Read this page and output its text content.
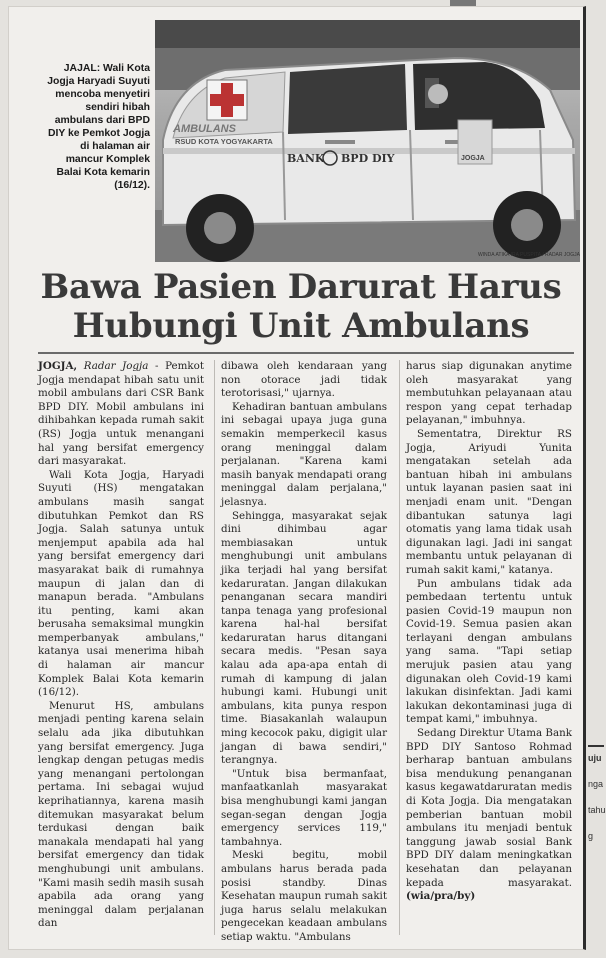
AMBULANS
RSUD KOTA YOGYAKARTA
BANK BPD DIY	JOGJA
JAJAL: Wali Kota Jogja Haryadi Suyuti mencoba menyetiri sendiri hibah ambulans dari BPD DIY ke Pemkot Jogja di halaman air mancur Komplek Balai Kota kemarin (16/12).
WINDA ATIKA IRA PUSPITA / RADAR JOGJA
Bawa Pasien Darurat Harus Hubungi Unit Ambulans

JOGJA, Radar Jogja - Pemkot Jogja mendapat hibah satu unit mobil ambulans dari CSR Bank BPD DIY. Mobil ambulans ini dihibahkan kepada rumah sakit (RS) Jogja untuk menangani hal yang bersifat emergency dari masyarakat.

Wali Kota Jogja, Haryadi Suyuti (HS) mengatakan ambulans masih sangat dibutuhkan Pemkot dan RS Jogja. Salah satunya untuk menjemput apabila ada hal yang bersifat emergency dari masyarakat baik di rumahnya maupun di jalan dan di manapun berada. "Ambulans itu penting, kami akan berusaha semaksimal mungkin memperbanyak ambulans," katanya usai menerima hibah di halaman air mancur Komplek Balai Kota kemarin (16/12).

Menurut HS, ambulans menjadi penting karena selain selalu ada jika dibutuhkan yang bersifat emergency. Juga lengkap dengan petugas medis yang menangani pertolongan pertama. Ini sebagai wujud keprihatiannya, karena masih ditemukan masyarakat belum terdukasi dengan baik manakala mendapati hal yang bersifat emergency dan tidak menghubungi unit ambulans. "Kami masih sedih masih susah apabila ada orang yang meninggal dalam perjalanan dan

dibawa oleh kendaraan yang non otorace jadi tidak terotorisasi," ujarnya.

Kehadiran bantuan ambulans ini sebagai upaya juga guna semakin memperkecil kasus orang meninggal dalam perjalanan. "Karena kami masih banyak mendapati orang meninggal dalam perjalana," jelasnya.

Sehingga, masyarakat sejak dini dihimbau agar membiasakan untuk menghubungi unit ambulans jika terjadi hal yang bersifat kedaruratan. Jangan dilakukan penanganan secara mandiri tanpa tenaga yang profesional karena hal-hal bersifat kedaruratan harus ditangani secara medis. "Pesan saya kalau ada apa-apa entah di rumah di kampung di jalan hubungi kami. Hubungi unit ambulans, kita punya respon time. Biasakanlah walaupun ming kecocok paku, digigit ular jangan di bawa sendiri," terangnya.

"Untuk bisa bermanfaat, manfaatkanlah masyarakat bisa menghubungi kami jangan segan-segan dengan Jogja emergency services 119," tambahnya.

Meski begitu, mobil ambulans harus berada pada posisi standby. Dinas Kesehatan maupun rumah sakit juga harus selalu melakukan pengecekan keadaan ambulans setiap waktu. "Ambulans

harus siap digunakan anytime oleh masyarakat yang membutuhkan pelayanaan atau respon yang cepat terhadap pelayanan," imbuhnya.

Sementatra, Direktur RS Jogja, Ariyudi Yunita mengatakan setelah ada bantuan hibah ini ambulans untuk layanan pasien saat ini menjadi enam unit. "Dengan dibantukan satunya lagi otomatis yang lama tidak usah digunakan lagi. Jadi ini sangat membantu untuk pelayanan di rumah sakit kami," katanya.

Pun ambulans tidak ada pembedaan tertentu untuk pasien Covid-19 maupun non Covid-19. Semua pasien akan terlayani dengan ambulans yang sama. "Tapi setiap merujuk pasien atau yang digunakan oleh Covid-19 kami lakukan disinfektan. Jadi kami lakukan dekontaminasi juga di tempat kami," imbuhnya.

Sedang Direktur Utama Bank BPD DIY Santoso Rohmad berharap bantuan ambulans bisa mendukung penanganan kasus kegawatdaruratan medis di Kota Jogja. Dia mengatakan pemberian bantuan mobil ambulans itu menjadi bentuk tanggung jawab sosial Bank BPD DIY dalam meningkatkan kesehatan dan pelayanan kepada masyarakat. (wia/pra/by)

uju
nga
tahu
g
